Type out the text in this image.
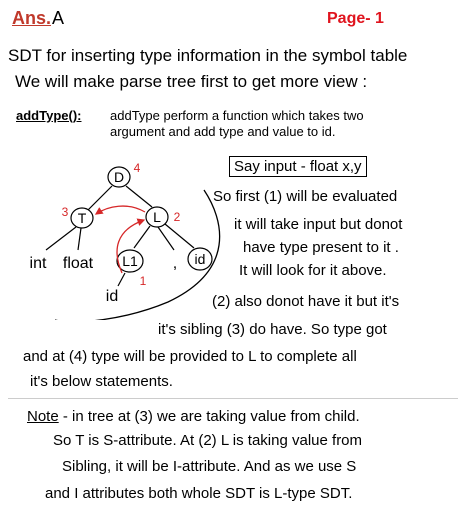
Ans. A	Page- 1
SDT for inserting type information in the symbol table
We will make parse tree first to get more view :
addType(): addType perform a function which takes two
argument and add type and value to id.
Say input - float x,y
D
T	L
L1	id
int float	,
id
4
3	2
1
So first (1) will be evaluated
it will take input but donot
have type present to it .
It will look for it above.
(2) also donot have it but it's
it's sibling (3) do have. So type got
and at (4) type will be provided to L to complete all
it's below statements.
Note - in tree at (3) we are taking value from child.
So T is S-attribute. At (2) L is taking value from
Sibling, it will be I-attribute. And as we use S
and I attributes both whole SDT is L-type SDT.
